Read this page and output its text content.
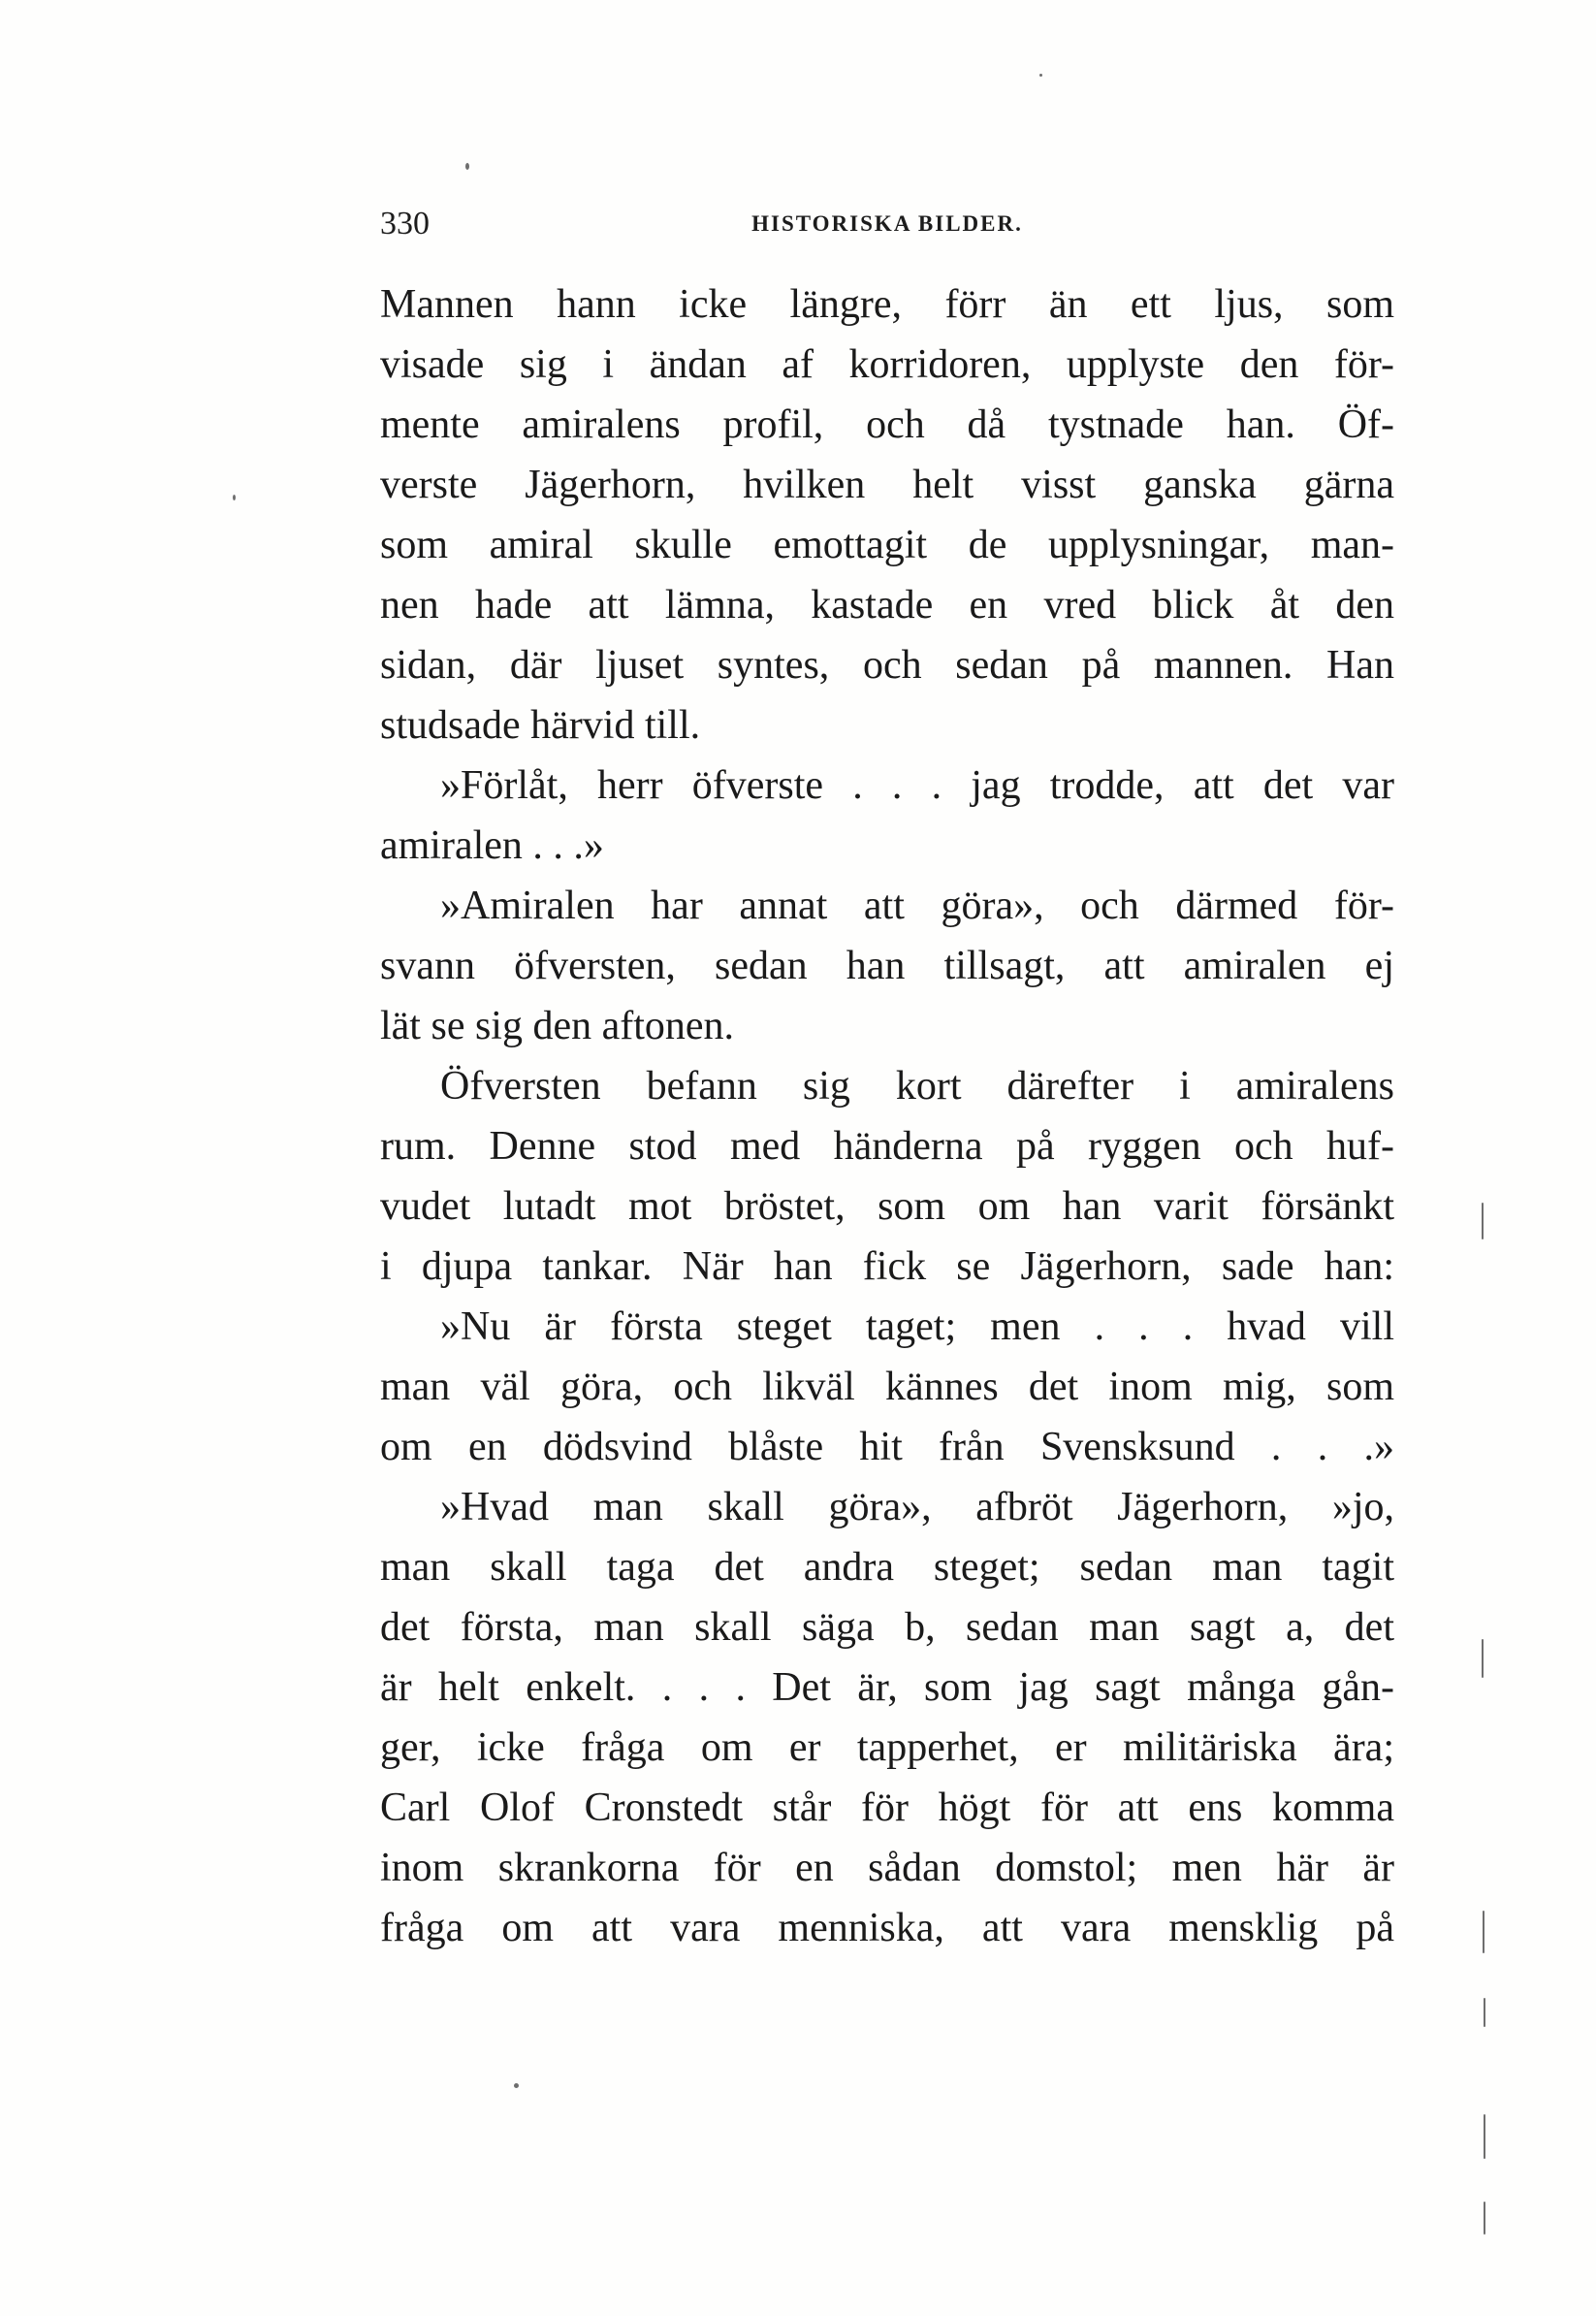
330	HISTORISKA BILDER.
Mannen hann icke längre, förr än ett ljus, som
visade sig i ändan af korridoren, upplyste den för-
mente amiralens profil, och då tystnade han. Öf-
verste Jägerhorn, hvilken helt visst ganska gärna
som amiral skulle emottagit de upplysningar, man-
nen hade att lämna, kastade en vred blick åt den
sidan, där ljuset syntes, och sedan på mannen. Han
studsade härvid till.
»Förlåt, herr öfverste . . . jag trodde, att det var
amiralen . . .»
»Amiralen har annat att göra», och därmed för-
svann öfversten, sedan han tillsagt, att amiralen ej
lät se sig den aftonen.
Öfversten befann sig kort därefter i amiralens
rum. Denne stod med händerna på ryggen och huf-
vudet lutadt mot bröstet, som om han varit försänkt
i djupa tankar. När han fick se Jägerhorn, sade han:
»Nu är första steget taget; men . . . hvad vill
man väl göra, och likväl kännes det inom mig, som
om en dödsvind blåste hit från Svensksund . . .»
»Hvad man skall göra», afbröt Jägerhorn, »jo,
man skall taga det andra steget; sedan man tagit
det första, man skall säga b, sedan man sagt a, det
är helt enkelt. . . . Det är, som jag sagt många gån-
ger, icke fråga om er tapperhet, er militäriska ära;
Carl Olof Cronstedt står för högt för att ens komma
inom skrankorna för en sådan domstol; men här är
fråga om att vara menniska, att vara mensklig på
